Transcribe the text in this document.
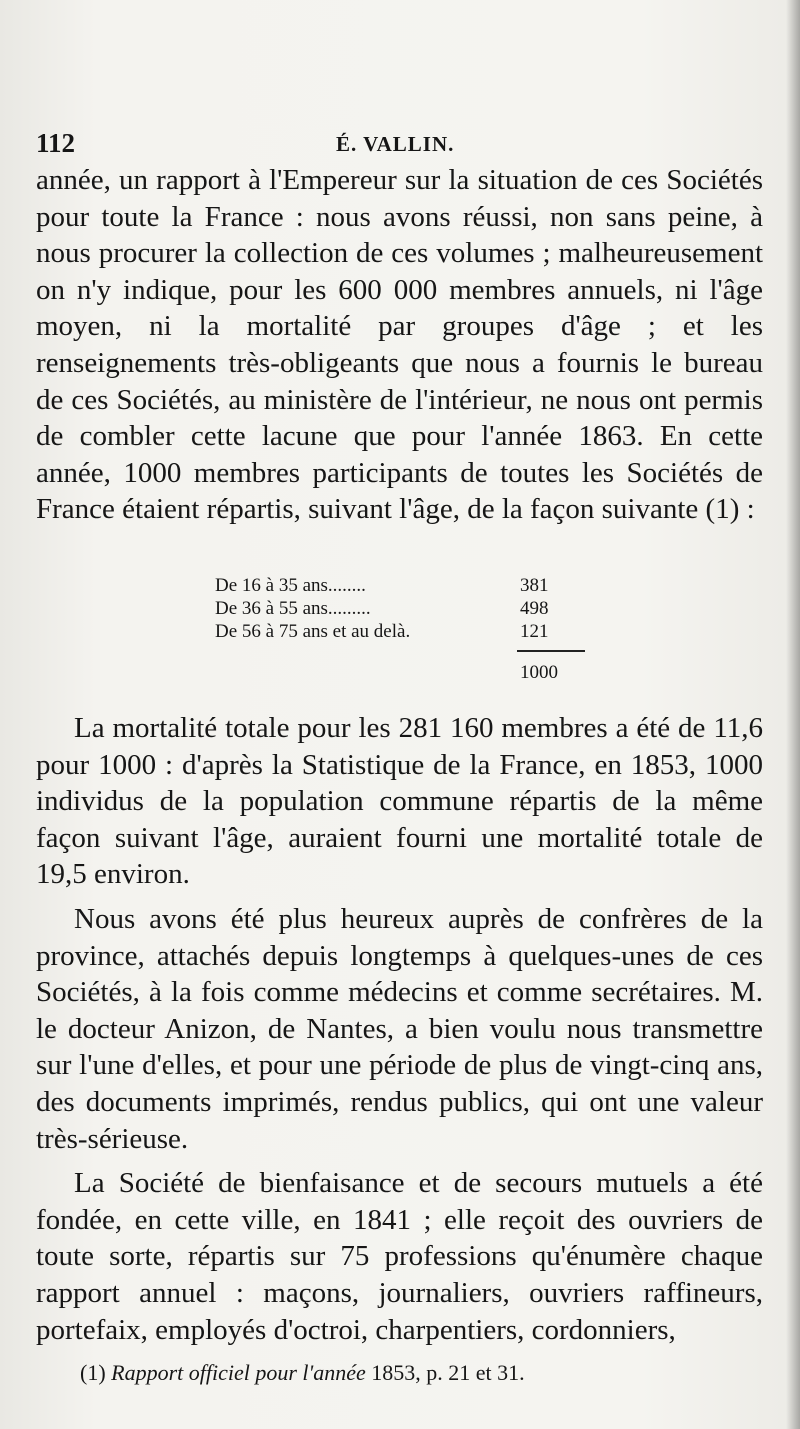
112	É. VALLIN.

année, un rapport à l'Empereur sur la situation de ces Sociétés pour toute la France : nous avons réussi, non sans peine, à nous procurer la collection de ces volumes ; malheureusement on n'y indique, pour les 600 000 membres annuels, ni l'âge moyen, ni la mortalité par groupes d'âge ; et les renseignements très-obligeants que nous a fournis le bureau de ces Sociétés, au ministère de l'intérieur, ne nous ont permis de combler cette lacune que pour l'année 1863. En cette année, 1000 membres participants de toutes les Sociétés de France étaient répartis, suivant l'âge, de la façon suivante (1) :

De 16 à 35 ans........	381
De 36 à 55 ans.........	498
De 56 à 75 ans et au delà.	121
1000

La mortalité totale pour les 281 160 membres a été de 11,6 pour 1000 : d'après la Statistique de la France, en 1853, 1000 individus de la population commune répartis de la même façon suivant l'âge, auraient fourni une mortalité totale de 19,5 environ.

Nous avons été plus heureux auprès de confrères de la province, attachés depuis longtemps à quelques-unes de ces Sociétés, à la fois comme médecins et comme secrétaires. M. le docteur Anizon, de Nantes, a bien voulu nous transmettre sur l'une d'elles, et pour une période de plus de vingt-cinq ans, des documents imprimés, rendus publics, qui ont une valeur très-sérieuse.

La Société de bienfaisance et de secours mutuels a été fondée, en cette ville, en 1841 ; elle reçoit des ouvriers de toute sorte, répartis sur 75 professions qu'énumère chaque rapport annuel : maçons, journaliers, ouvriers raffineurs, portefaix, employés d'octroi, charpentiers, cordonniers,

(1) Rapport officiel pour l'année 1853, p. 21 et 31.
